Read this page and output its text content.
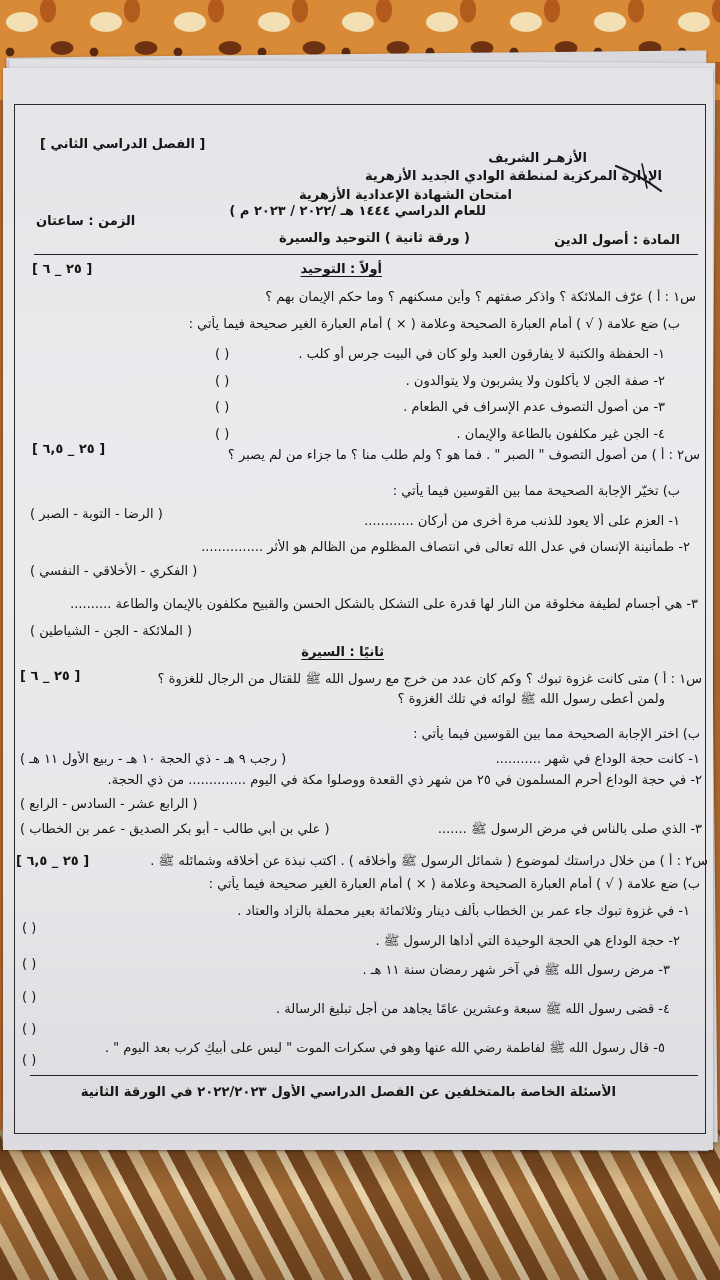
[ الفصل الدراسي الثاني ]
الأزهـر الشريف
الإدارة المركزية لمنطقة الوادي الجديد الأزهرية
امتحان الشهادة الإعدادية الأزهرية
للعام الدراسي ١٤٤٤ هـ /٢٠٢٢ / ٢٠٢٣ م )
الزمن : ساعتان
المادة : أصول الدين
( ورقة ثانية ) التوحيد والسيرة
أولاً : التوحيد
[ ٢٥ _ ٦ ]
س١ : أ ) عرّف الملائكة ؟ واذكر صفتهم ؟ وأين مسكنهم ؟ وما حكم الإيمان بهم ؟
ب) ضع علامة ( √ ) أمام العبارة الصحيحة وعلامة ( × ) أمام العبارة الغير صحيحة فيما يأتي :
١- الحفظة والكتبة لا يفارقون العبد ولو كان في البيت جرس أو كلب .
( )
٢- صفة الجن لا يأكلون ولا يشربون ولا يتوالدون .
( )
٣- من أصول التصوف عدم الإسراف في الطعام .
( )
٤- الجن غير مكلفون بالطاعة والإيمان .
( )
[ ٢٥ _ ٦,٥ ]	س٢ : أ ) من أصول التصوف " الصبر " . فما هو ؟ ولم طلب منا ؟ ما جزاء من لم يصبر ؟
ب) تخيّر الإجابة الصحيحة مما بين القوسين فيما يأتي :
( الرضا - التوبة - الصبر )	١- العزم على ألا يعود للذنب مرة أخرى من أركان ............
٢- طمأنينة الإنسان في عدل الله تعالى في انتصاف المظلوم من الظالم هو الأثر ...............
( الفكري - الأخلاقي - النفسي )
٣- هي أجسام لطيفة مخلوقة من النار لها قدرة على التشكل بالشكل الحسن والقبيح مكلفون بالإيمان والطاعة ..........
( الملائكة - الجن - الشياطين )
ثانيًا : السيرة
[ ٢٥ _ ٦ ]	س١ : أ ) متى كانت غزوة تبوك ؟ وكم كان عدد من خرج مع رسول الله ﷺ للقتال من الرجال للغزوة ؟
ولمن أعطى رسول الله ﷺ لوائه في تلك الغزوة ؟
ب) اختر الإجابة الصحيحة مما بين القوسين فيما يأتي :
١- كانت حجة الوداع في شهر ...........
( رجب ٩ هـ - ذي الحجة ١٠ هـ - ربيع الأول ١١ هـ )
٢- في حجة الوداع أحرم المسلمون في ٢٥ من شهر ذي القعدة ووصلوا مكة في اليوم .............. من ذي الحجة.
( الرابع عشر - السادس - الرابع )
٣- الذي صلى بالناس في مرض الرسول ﷺ .......
( علي بن أبي طالب - أبو بكر الصديق - عمر بن الخطاب )
[ ٢٥ _ ٦,٥ ]	س٢ : أ ) من خلال دراستك لموضوع ( شمائل الرسول ﷺ وأخلاقه ) . اكتب نبذة عن أخلاقه وشمائله ﷺ .
ب) ضع علامة ( √ ) أمام العبارة الصحيحة وعلامة ( × ) أمام العبارة الغير صحيحة فيما يأتي :
١- في غزوة تبوك جاء عمر بن الخطاب بألف دينار وثلاثمائة بعير محملة بالزاد والعتاد .
( )
٢- حجة الوداع هي الحجة الوحيدة التي أداها الرسول ﷺ .
( )	٣- مرض رسول الله ﷺ في آخر شهر رمضان سنة ١١ هـ .
( )
٤- قضى رسول الله ﷺ سبعة وعشرين عامًا يجاهد من أجل تبليغ الرسالة .
( )
٥- قال رسول الله ﷺ لفاطمة رضي الله عنها وهو في سكرات الموت " ليس على أبيكِ كرب بعد اليوم " .
( )
الأسئلة الخاصة بالمتخلفين عن الفصل الدراسي الأول ٢٠٢٢/٢٠٢٣ في الورقة الثانية
